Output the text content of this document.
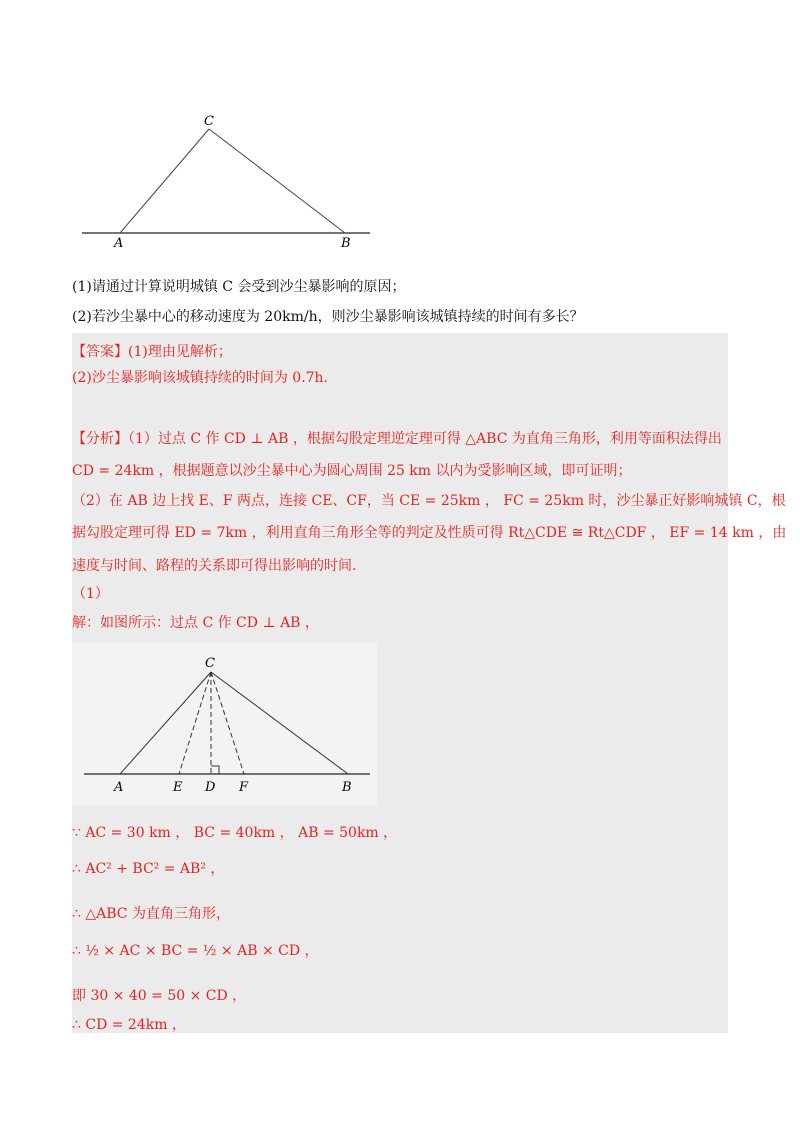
C
A	B
(1)请通过计算说明城镇 C 会受到沙尘暴影响的原因；
(2)若沙尘暴中心的移动速度为 20km/h，则沙尘暴影响该城镇持续的时间有多长？
【答案】(1)理由见解析；
(2)沙尘暴影响该城镇持续的时间为 0.7h．
【分析】（1）过点 C 作 CD ⊥ AB ，根据勾股定理逆定理可得 △ABC 为直角三角形，利用等面积法得出
CD = 24km ，根据题意以沙尘暴中心为圆心周围 25 km 以内为受影响区域，即可证明；
（2）在 AB 边上找 E、F 两点，连接 CE、CF，当 CE = 25km ， FC = 25km 时，沙尘暴正好影响城镇 C，根
据勾股定理可得 ED = 7km ，利用直角三角形全等的判定及性质可得 Rt△CDE ≅ Rt△CDF ， EF = 14 km ，由
速度与时间、路程的关系即可得出影响的时间.
（1）
解：如图所示：过点 C 作 CD ⊥ AB ，
C
A	E D F	B
∵ AC = 30 km ， BC = 40km ， AB = 50km ，
∴ AC² + BC² = AB² ，
∴ △ABC 为直角三角形，
∴ ½ × AC × BC = ½ × AB × CD ，
即 30 × 40 = 50 × CD ，
∴ CD = 24km ，
